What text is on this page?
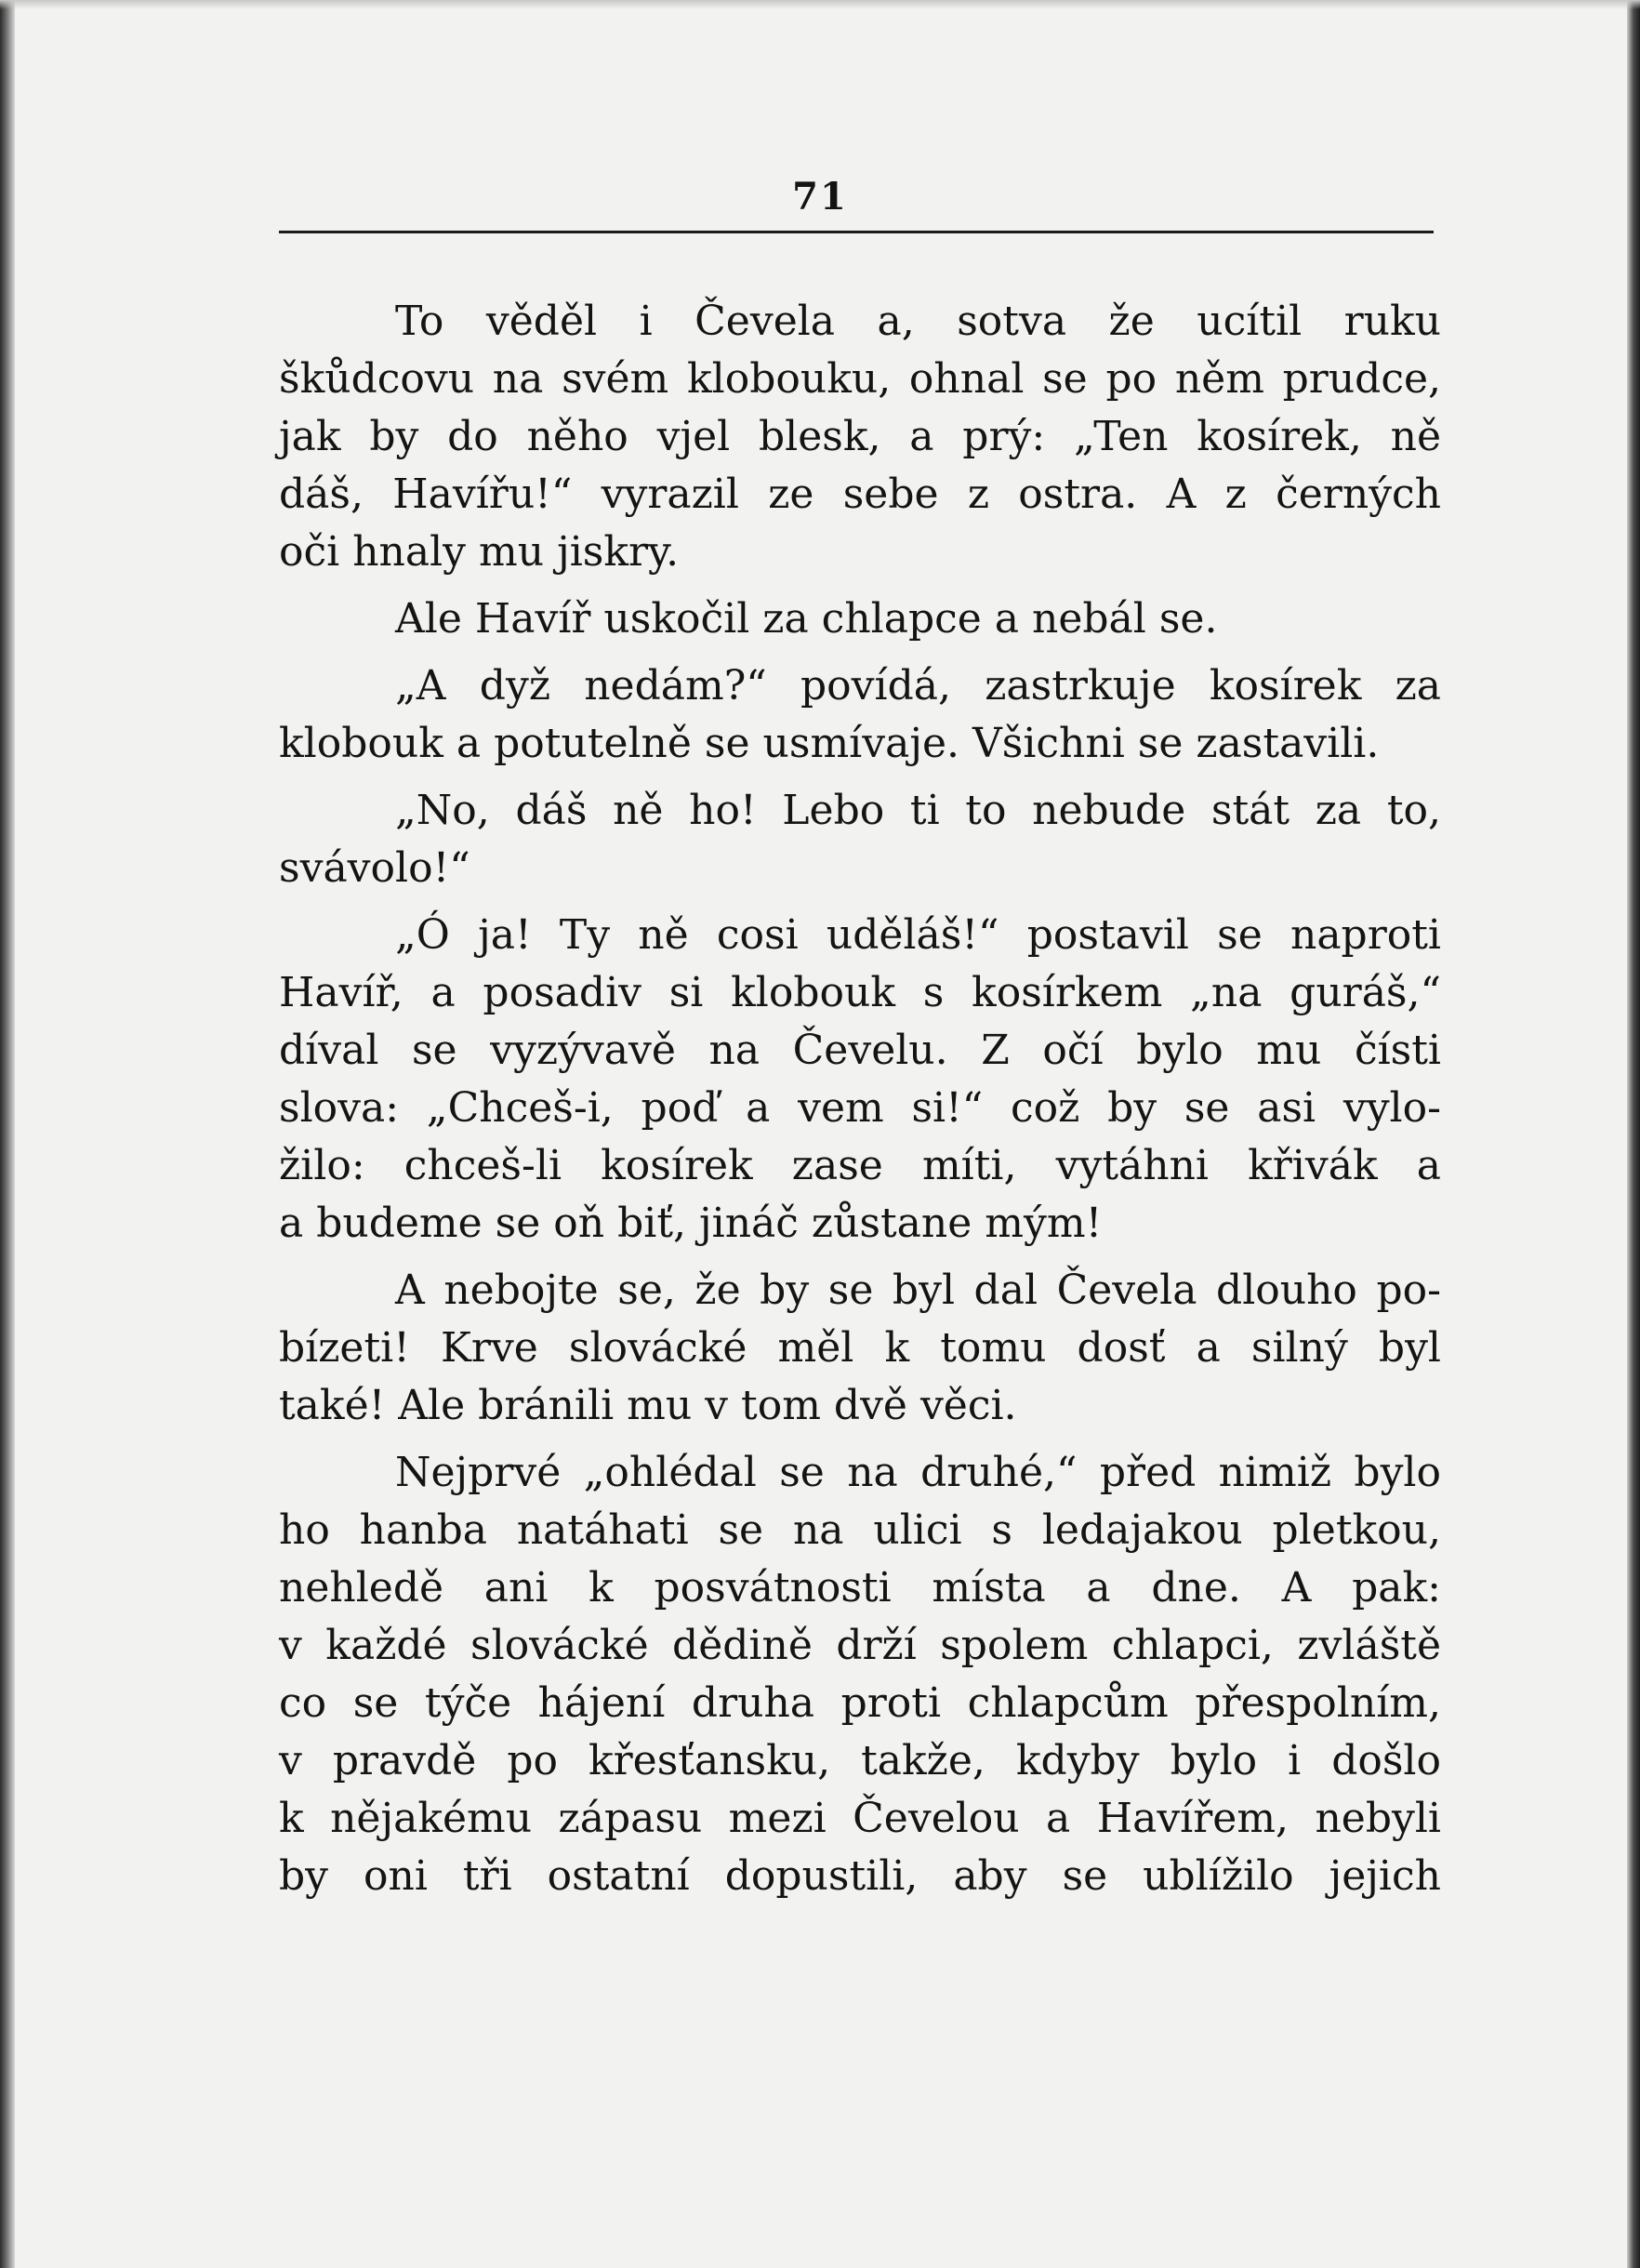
71
To věděl i Čevela a, sotva že ucítil ruku
škůdcovu na svém klobouku, ohnal se po něm prudce,
jak by do něho vjel blesk, a prý: „Ten kosírek, ně
dáš, Havířu!“ vyrazil ze sebe z ostra. A z černých
oči hnaly mu jiskry.
Ale Havíř uskočil za chlapce a nebál se.
„A dyž nedám?“ povídá, zastrkuje kosírek za
klobouk a potutelně se usmívaje. Všichni se zastavili.
„No, dáš ně ho! Lebo ti to nebude stát za to,
svávolo!“
„Ó ja! Ty ně cosi uděláš!“ postavil se naproti
Havíř, a posadiv si klobouk s kosírkem „na guráš,“
díval se vyzývavě na Čevelu. Z očí bylo mu čísti
slova: „Chceš-i, poď a vem si!“ což by se asi vylo-
žilo: chceš-li kosírek zase míti, vytáhni křivák a
a budeme se oň biť, jináč zůstane mým!
A nebojte se, že by se byl dal Čevela dlouho po-
bízeti! Krve slovácké měl k tomu dosť a silný byl
také! Ale bránili mu v tom dvě věci.
Nejprvé „ohlédal se na druhé,“ před nimiž bylo
ho hanba natáhati se na ulici s ledajakou pletkou,
nehledě ani k posvátnosti místa a dne. A pak:
v každé slovácké dědině drží spolem chlapci, zvláště
co se týče hájení druha proti chlapcům přespolním,
v pravdě po křesťansku, takže, kdyby bylo i došlo
k nějakému zápasu mezi Čevelou a Havířem, nebyli
by oni tři ostatní dopustili, aby se ublížilo jejich
